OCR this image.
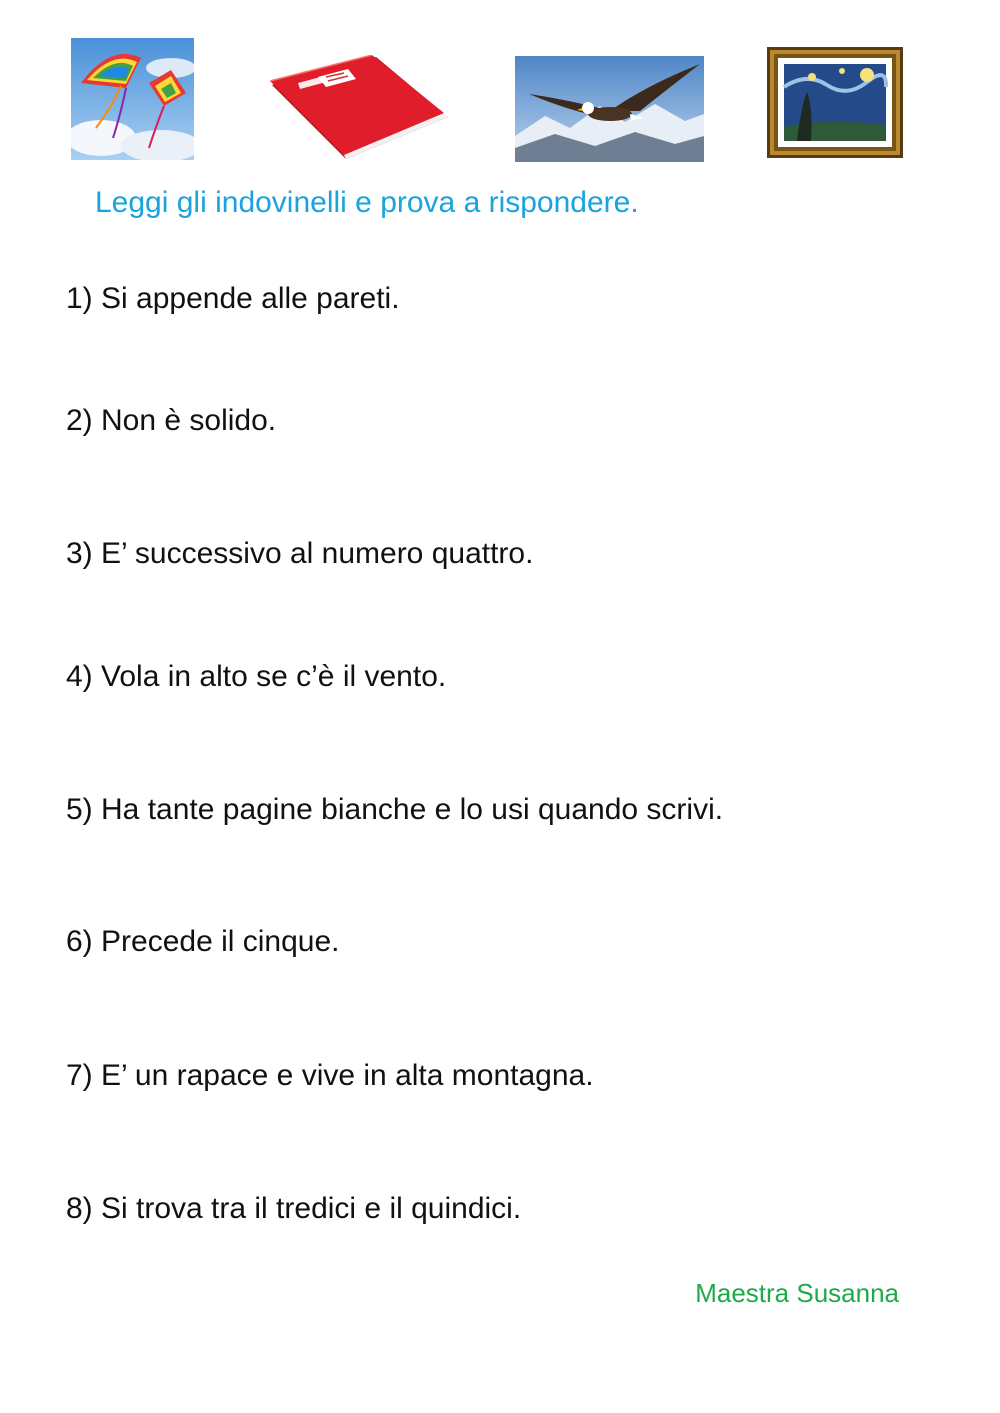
Leggi gli indovinelli e prova a rispondere.
1) Si appende alle pareti.
2) Non è solido.
3) E’ successivo al numero quattro.
4) Vola in alto se c’è il vento.
5) Ha tante pagine bianche e lo usi quando scrivi.
6) Precede il cinque.
7) E’ un rapace e vive in alta montagna.
8) Si trova tra il tredici e il quindici.
Maestra Susanna
